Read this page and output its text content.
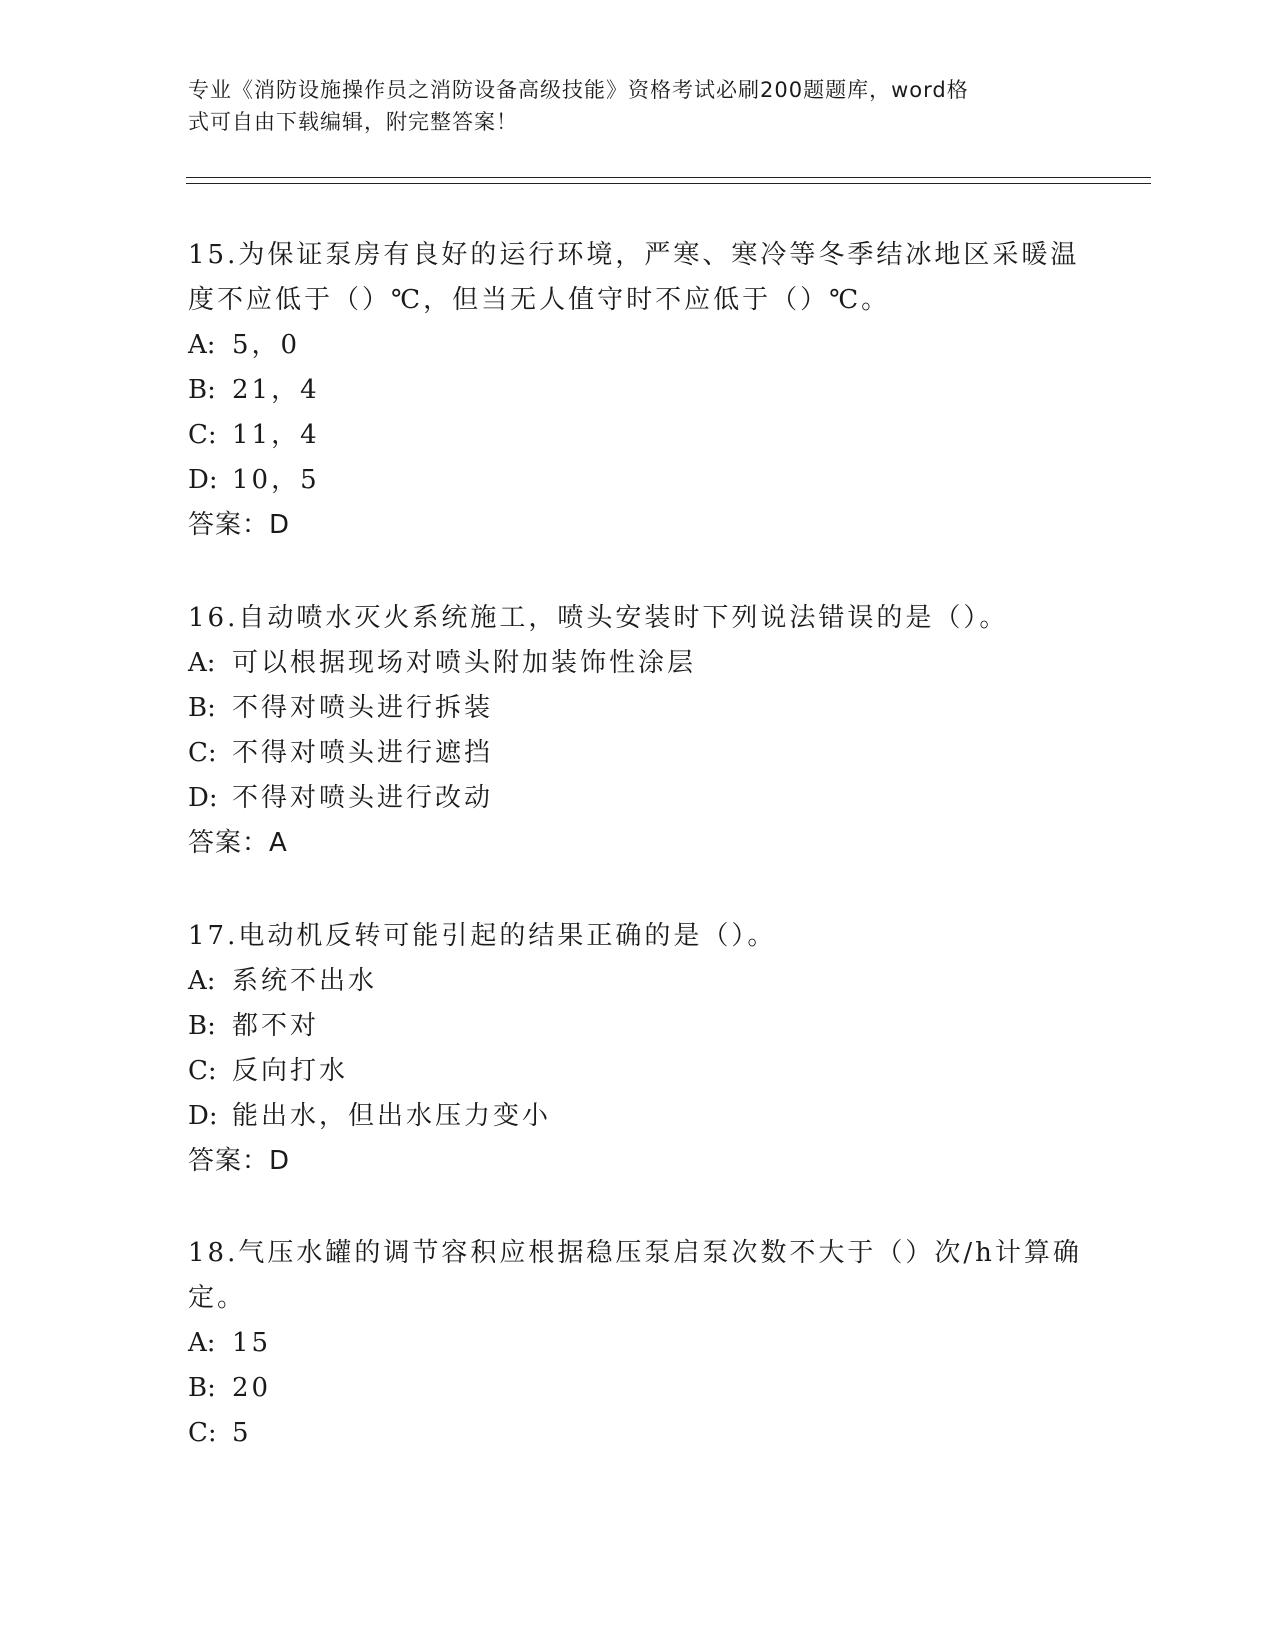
专业《消防设施操作员之消防设备高级技能》资格考试必刷200题题库，word格
式可自由下载编辑，附完整答案！

15.为保证泵房有良好的运行环境，严寒、寒冷等冬季结冰地区采暖温

度不应低于（）℃，但当无人值守时不应低于（）℃。

A: 5，0

B: 21，4

C: 11，4

D: 10，5

答案：D

16.自动喷水灭火系统施工，喷头安装时下列说法错误的是（）。

A: 可以根据现场对喷头附加装饰性涂层

B: 不得对喷头进行拆装

C: 不得对喷头进行遮挡

D: 不得对喷头进行改动

答案：A

17.电动机反转可能引起的结果正确的是（）。

A: 系统不出水

B: 都不对

C: 反向打水

D: 能出水，但出水压力变小

答案：D

18.气压水罐的调节容积应根据稳压泵启泵次数不大于（）次/h计算确

定。

A: 15

B: 20

C: 5
